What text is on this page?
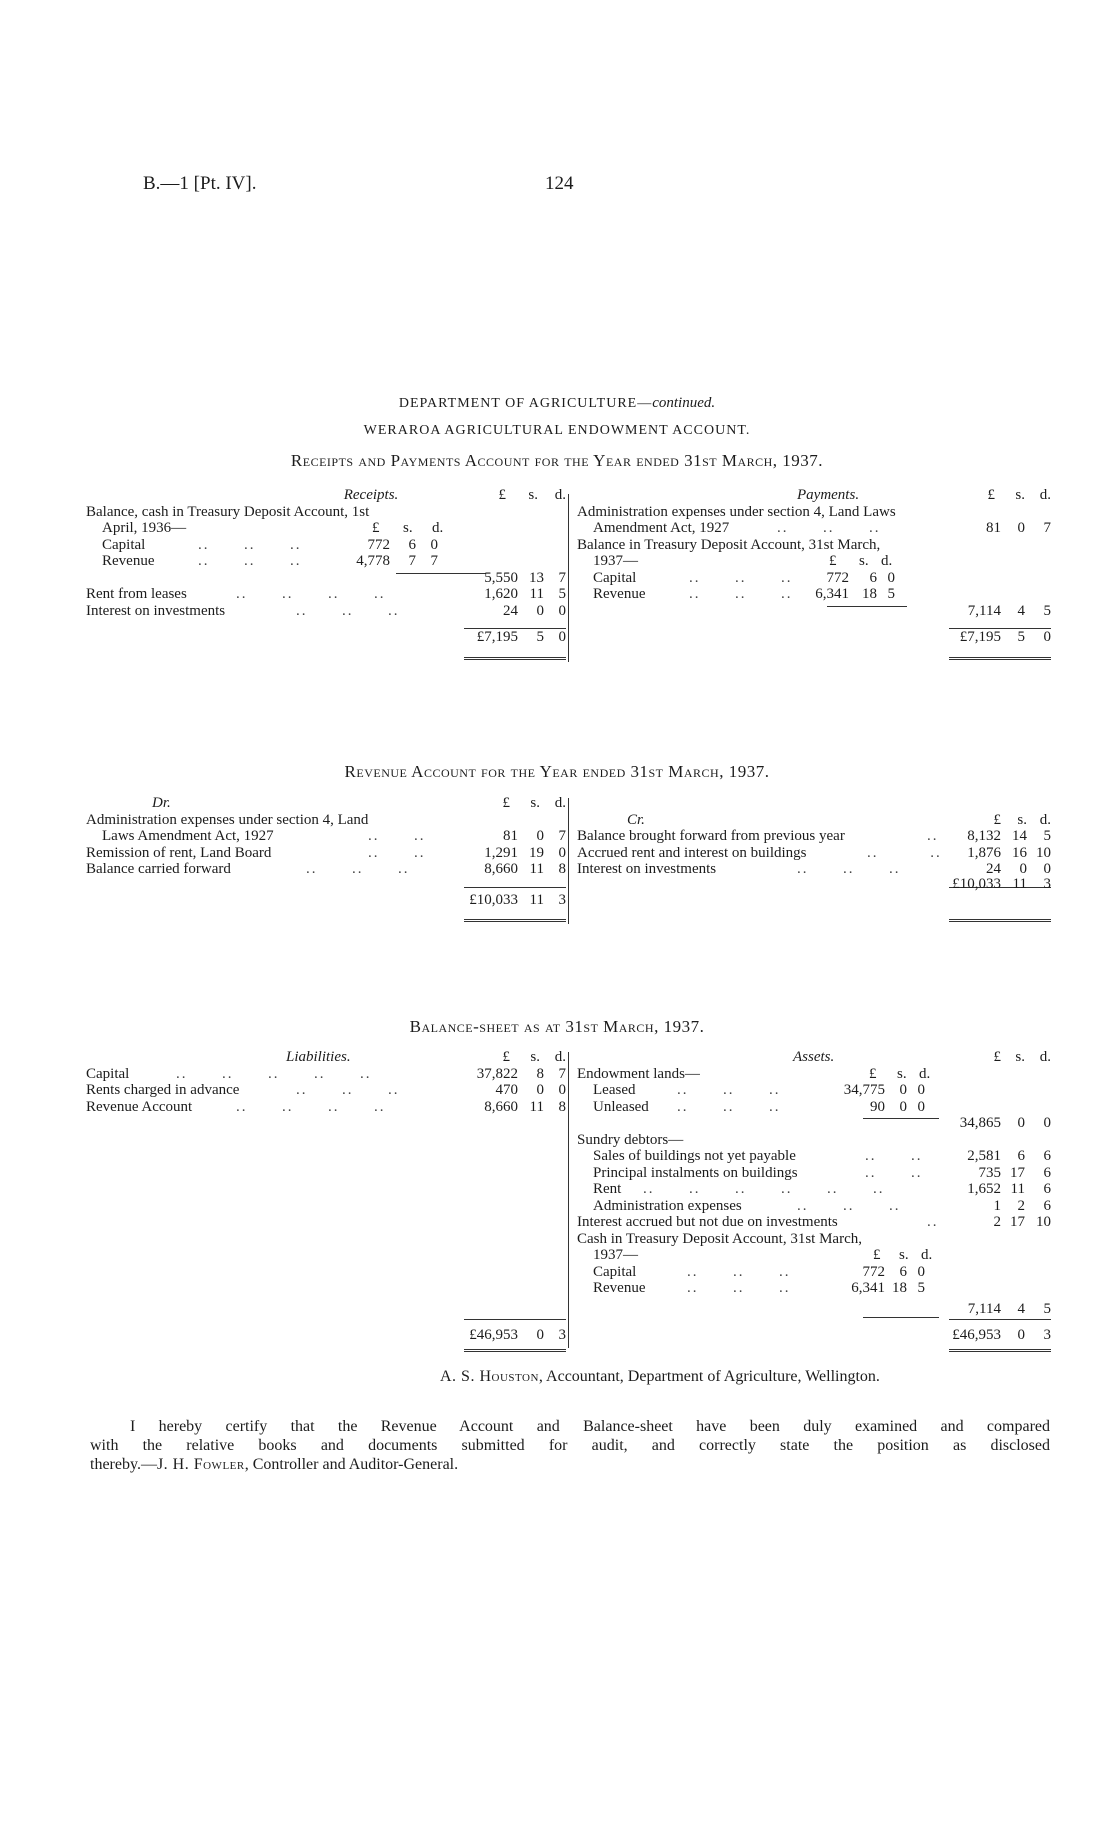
B.—1 [Pt. IV].	124
DEPARTMENT OF AGRICULTURE—continued.
WERAROA AGRICULTURAL ENDOWMENT ACCOUNT.
Receipts and Payments Account for the Year ended 31st March, 1937.
Receipts.	£	s.	d.
Balance, cash in Treasury Deposit Account, 1st
April, 1936—	£ s. d.
Capital	..      ..      ..	772 6 0
Revenue	..      ..      ..	4,778 7 7
5,550 13 7
Rent from leases	..      ..      ..      ..	1,620 11 5
Interest on investments	..      ..      ..	24 0 0
£7,195 5 0
Payments.	£ s. d.
Administration expenses under section 4, Land Laws
Amendment Act, 1927	..      ..      ..	81 0 7
Balance in Treasury Deposit Account, 31st March,
1937—	£ s. d.
Capital	..      ..      .. 772 6 0
Revenue	..      ..      .. 6,341 18 5
7,114 4 5
£7,195 5 0
Revenue Account for the Year ended 31st March, 1937.
Dr.	£ s. d.
Administration expenses under section 4, Land
Laws Amendment Act, 1927	..      ..	81 0 7
Remission of rent, Land Board	..      ..	1,291 19 0
Balance carried forward	..      ..      ..	8,660 11 8
£10,033 11 3
Cr.	£ s. d.
Balance brought forward from previous year	.. 8,132 14 5
Accrued rent and interest on buildings	..         .. 1,876 16 10
Interest on investments	..      ..      ..	24 0 0
£10,033 11 3
Balance-sheet as at 31st March, 1937.
Liabilities.	£ s. d.
Capital	..      ..      ..      ..      ..	37,822 8 7
Rents charged in advance	..      ..      ..	470 0 0
Revenue Account	..      ..      ..      ..	8,660 11 8
£46,953 0 3
Assets.	£ s. d.
Endowment lands—	£ s. d.
Leased	..      ..      ..	34,775 0 0
Unleased ..      ..      ..	90 0 0
34,865 0 0
Sundry debtors—
Sales of buildings not yet payable	..      ..	2,581 6 6
Principal instalments on buildings	..      ..	735 17 6
Rent ..      ..      ..      ..      ..      ..	1,652 11 6
Administration expenses	..      ..      ..	1 2 6
Interest accrued but not due on investments	..	2 17 10
Cash in Treasury Deposit Account, 31st March,
1937—	£ s. d.
Capital	..      ..      ..	772 6 0
Revenue	..      ..      ..	6,341 18 5
7,114 4 5
£46,953 0 3
A. S. Houston, Accountant, Department of Agriculture, Wellington.
I hereby certify that the Revenue Account and Balance-sheet have been duly examined and compared
with the relative books and documents submitted for audit, and correctly state the position as disclosed
thereby.—J. H. Fowler, Controller and Auditor-General.
